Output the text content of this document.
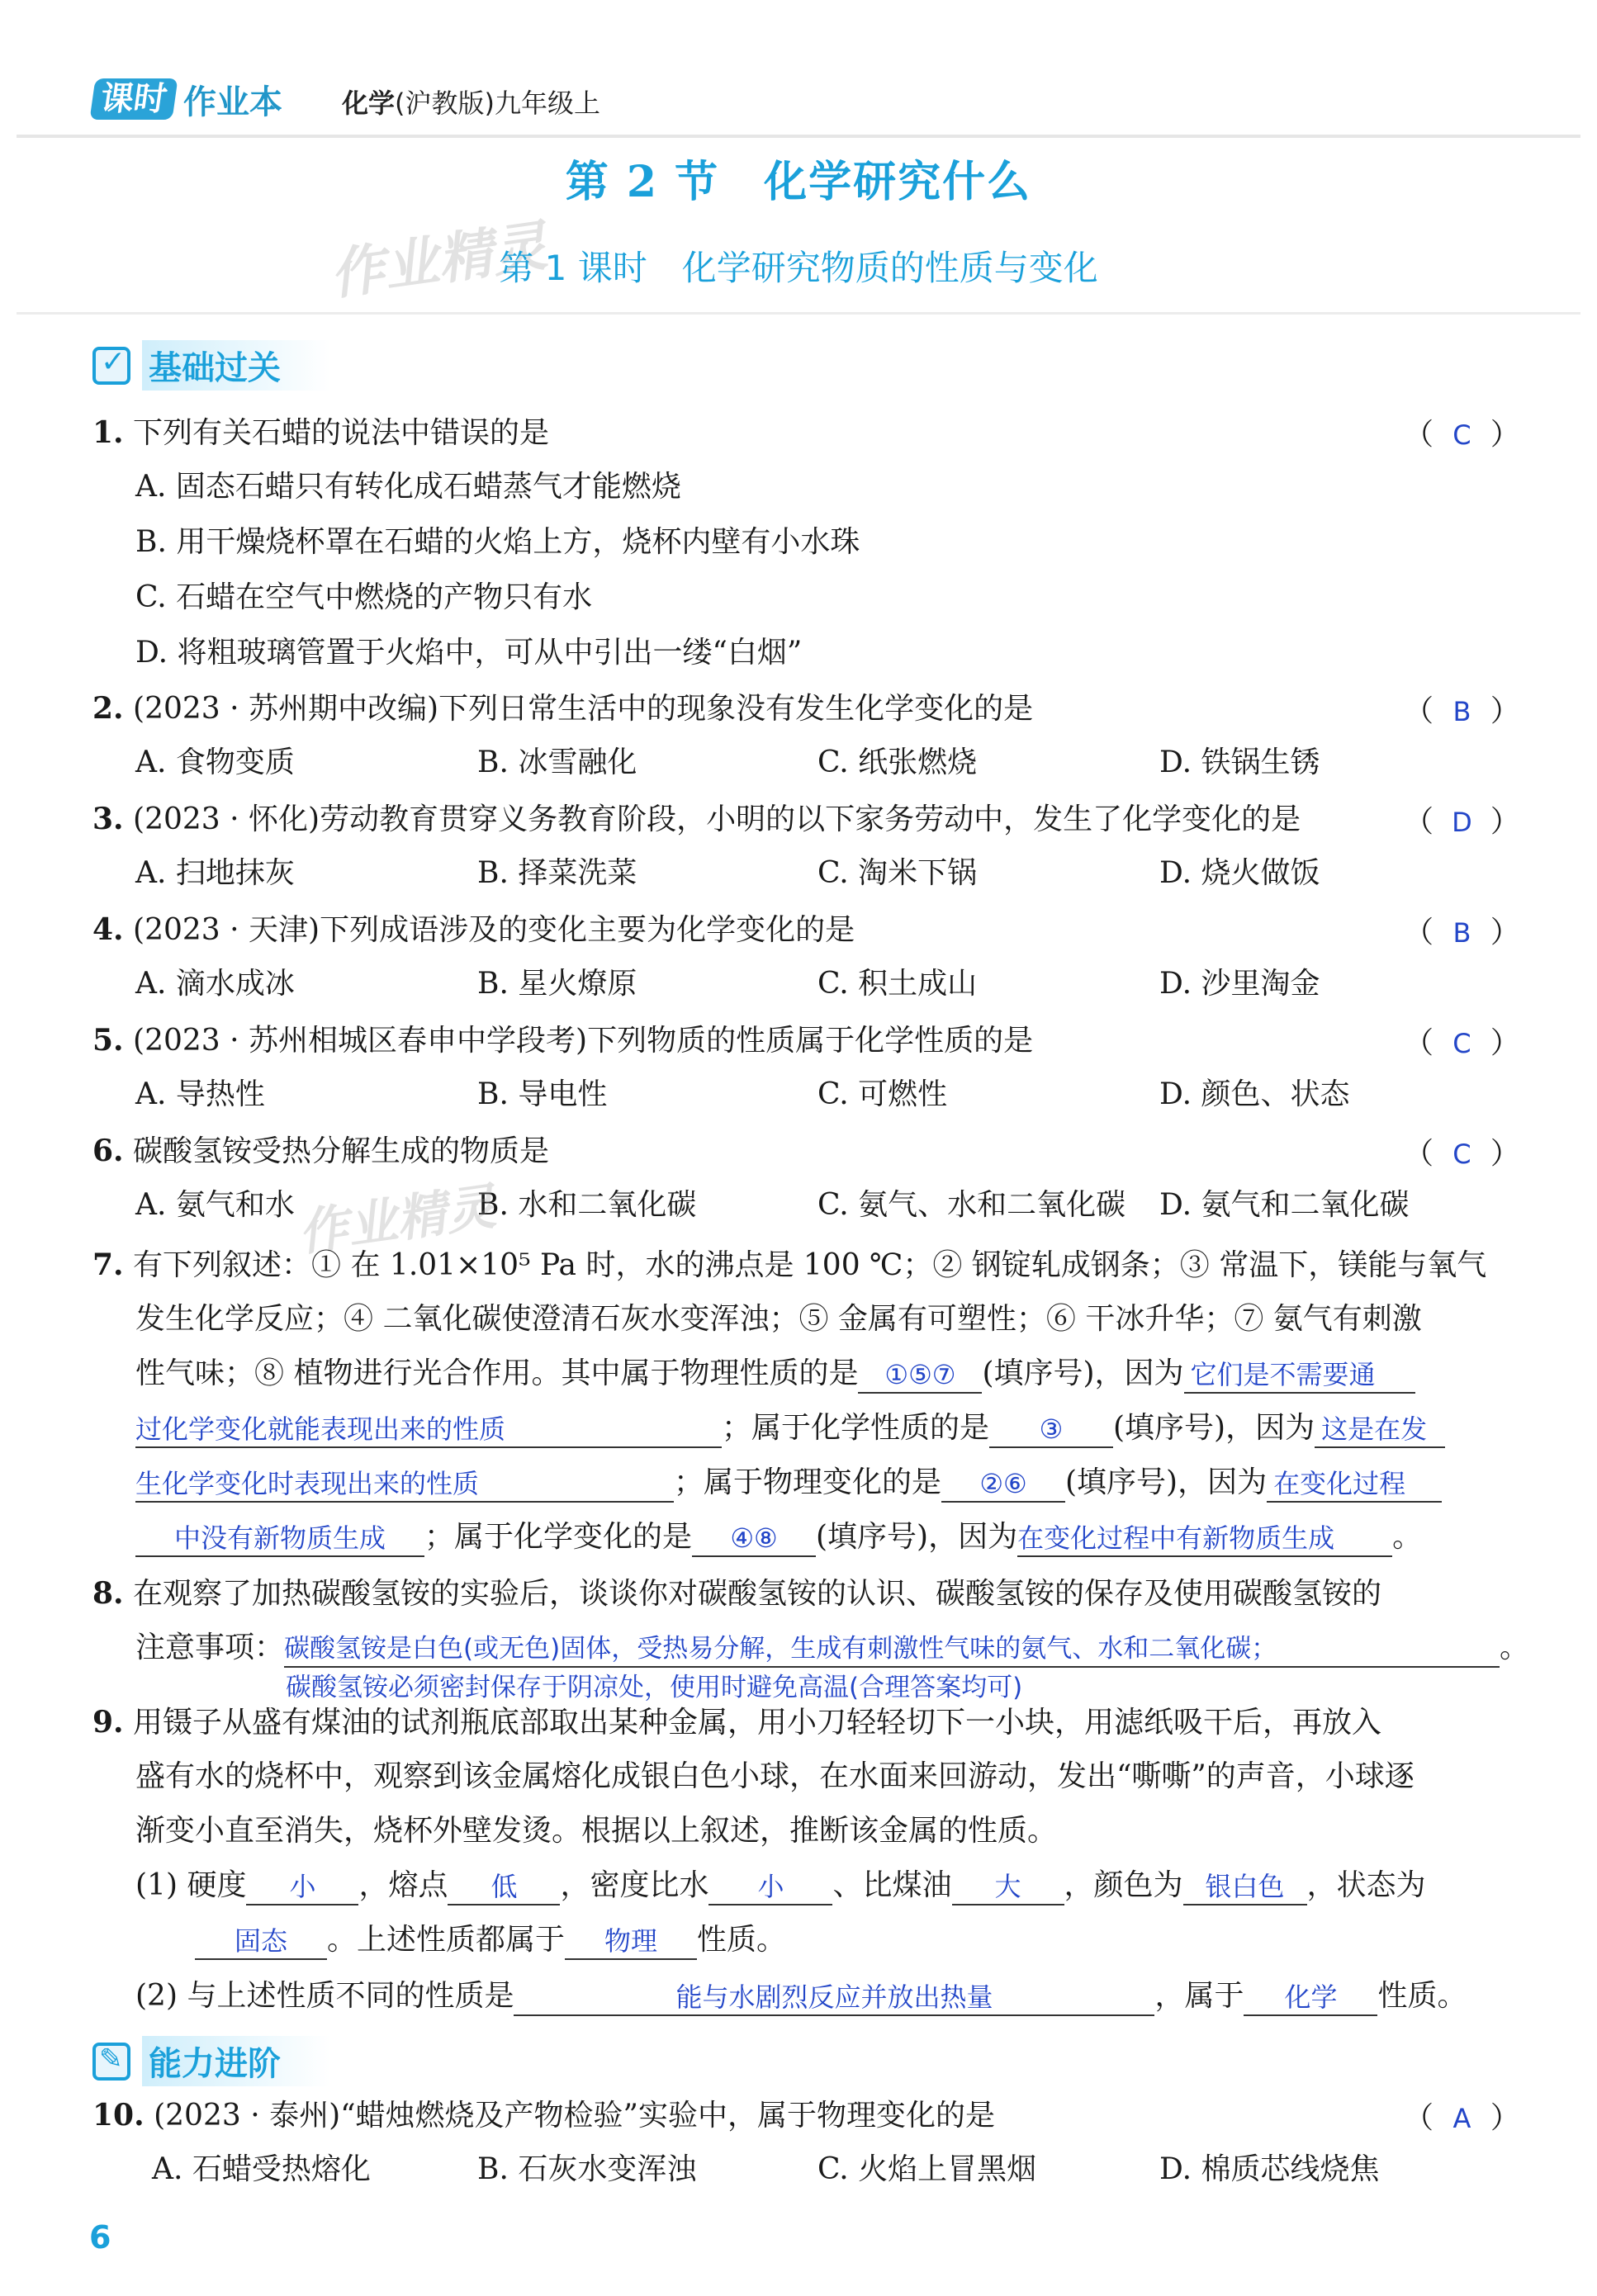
课时 作业本 化学(沪教版)九年级上
第 2 节　化学研究什么
作业精灵
第 1 课时　化学研究物质的性质与变化
✓
基础过关
1. 下列有关石蜡的说法中错误的是	（ C ）
A. 固态石蜡只有转化成石蜡蒸气才能燃烧
B. 用干燥烧杯罩在石蜡的火焰上方，烧杯内壁有小水珠
C. 石蜡在空气中燃烧的产物只有水
D. 将粗玻璃管置于火焰中，可从中引出一缕“白烟”
2. (2023 · 苏州期中改编)下列日常生活中的现象没有发生化学变化的是	（ B ）
A. 食物变质	B. 冰雪融化	C. 纸张燃烧	D. 铁锅生锈
3. (2023 · 怀化)劳动教育贯穿义务教育阶段，小明的以下家务劳动中，发生了化学变化的是	（ D ）
A. 扫地抹灰	B. 择菜洗菜	C. 淘米下锅	D. 烧火做饭
4. (2023 · 天津)下列成语涉及的变化主要为化学变化的是	（ B ）
A. 滴水成冰	B. 星火燎原	C. 积土成山	D. 沙里淘金
5. (2023 · 苏州相城区春申中学段考)下列物质的性质属于化学性质的是	（ C ）
A. 导热性	B. 导电性	C. 可燃性	D. 颜色、状态
6. 碳酸氢铵受热分解生成的物质是	（ C ）
A. 氨气和水	B. 水和二氧化碳	C. 氨气、水和二氧化碳 D. 氨气和二氧化碳
作业精灵
7. 有下列叙述：① 在 1.01×10⁵ Pa 时，水的沸点是 100 ℃；② 钢锭轧成钢条；③ 常温下，镁能与氧气
发生化学反应；④ 二氧化碳使澄清石灰水变浑浊；⑤ 金属有可塑性；⑥ 干冰升华；⑦ 氨气有刺激
性气味；⑧ 植物进行光合作用。其中属于物理性质的是 ①⑤⑦ (填序号)，因为 它们是不需要通
过化学变化就能表现出来的性质	；属于化学性质的是 ③ (填序号)，因为 这是在发
生化学变化时表现出来的性质	；属于物理变化的是 ②⑥ (填序号)，因为 在变化过程
中没有新物质生成 ；属于化学变化的是 ④⑧ (填序号)，因为在变化过程中有新物质生成 。
8. 在观察了加热碳酸氢铵的实验后，谈谈你对碳酸氢铵的认识、碳酸氢铵的保存及使用碳酸氢铵的
注意事项：碳酸氢铵是白色(或无色)固体，受热易分解，生成有刺激性气味的氨气、水和二氧化碳；	。
碳酸氢铵必须密封保存于阴凉处，使用时避免高温(合理答案均可)
9. 用镊子从盛有煤油的试剂瓶底部取出某种金属，用小刀轻轻切下一小块，用滤纸吸干后，再放入
盛有水的烧杯中，观察到该金属熔化成银白色小球，在水面来回游动，发出“嘶嘶”的声音，小球逐
渐变小直至消失，烧杯外壁发烫。根据以上叙述，推断该金属的性质。
(1) 硬度 小 ，熔点 低 ，密度比水 小 、比煤油 大 ，颜色为 银白色 ，状态为
固态 。上述性质都属于 物理 性质。
(2) 与上述性质不同的性质是	能与水剧烈反应并放出热量	，属于 化学 性质。
✎
能力进阶
10. (2023 · 泰州)“蜡烛燃烧及产物检验”实验中，属于物理变化的是	（ A ）
A. 石蜡受热熔化	B. 石灰水变浑浊	C. 火焰上冒黑烟	D. 棉质芯线烧焦
6
